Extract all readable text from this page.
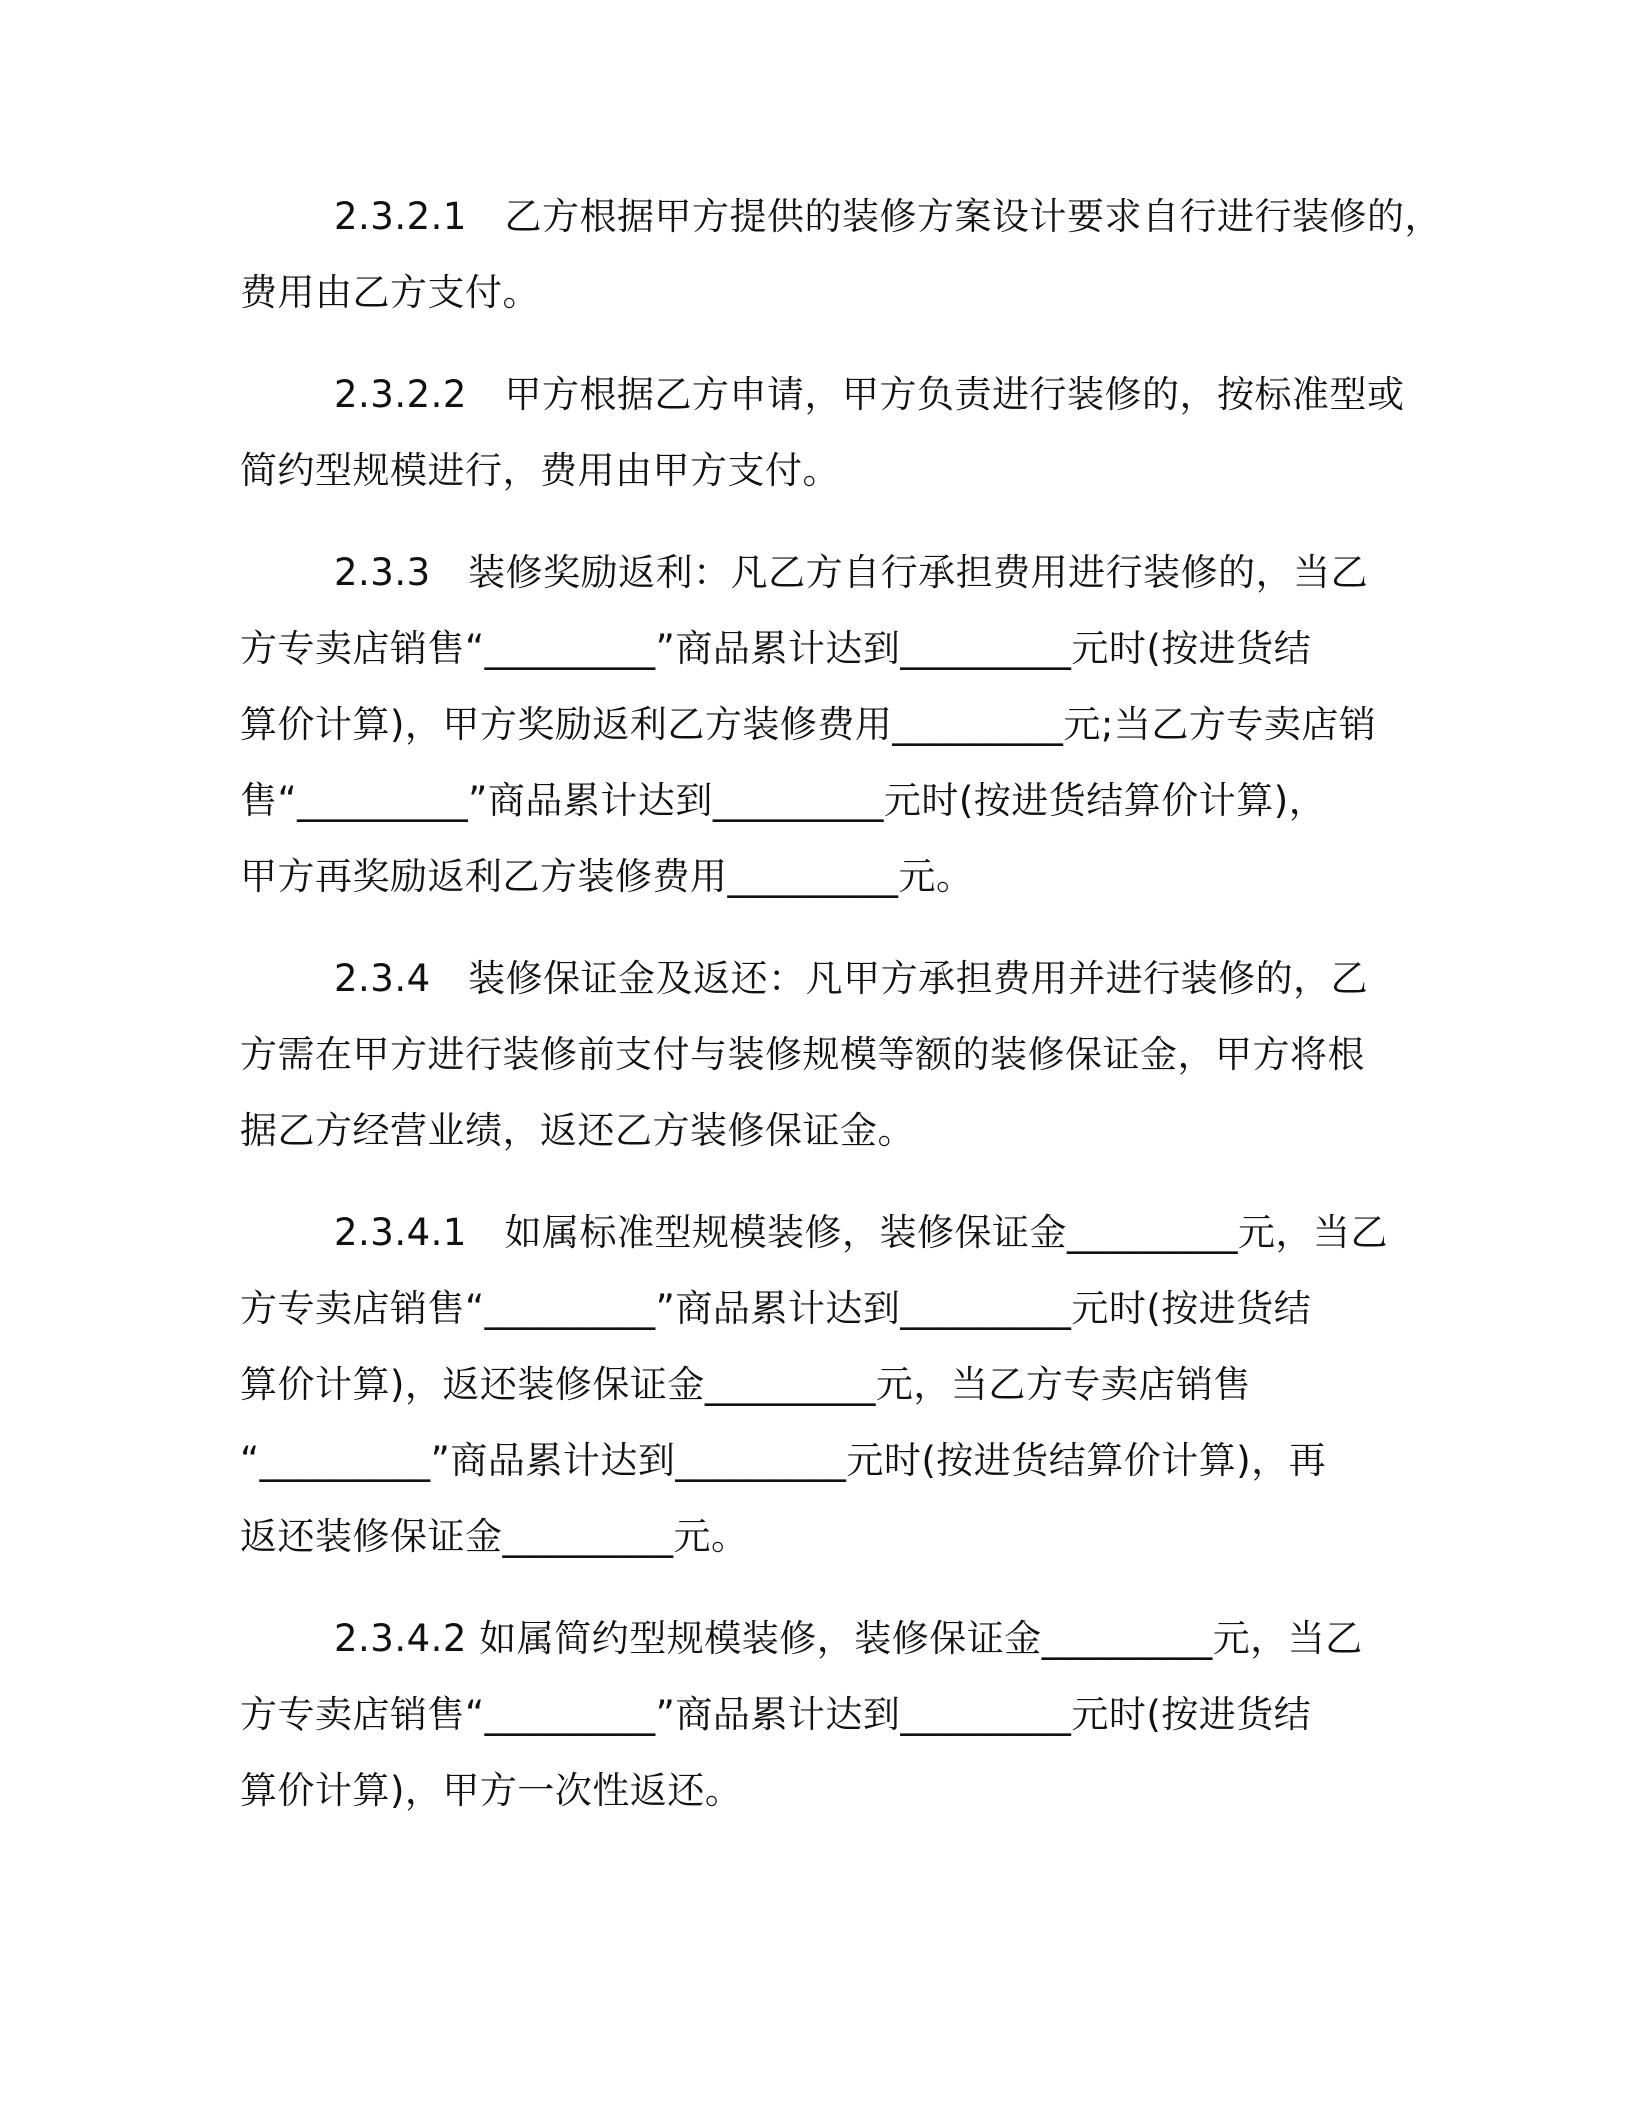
2.3.2.1　乙方根据甲方提供的装修方案设计要求自行进行装修的，
费用由乙方支付。
2.3.2.2　甲方根据乙方申请，甲方负责进行装修的，按标准型或
简约型规模进行，费用由甲方支付。
2.3.3　装修奖励返利：凡乙方自行承担费用进行装修的，当乙
方专卖店销售“_________”商品累计达到_________元时(按进货结
算价计算)，甲方奖励返利乙方装修费用_________元;当乙方专卖店销
售“_________”商品累计达到_________元时(按进货结算价计算)，
甲方再奖励返利乙方装修费用_________元。
2.3.4　装修保证金及返还：凡甲方承担费用并进行装修的，乙
方需在甲方进行装修前支付与装修规模等额的装修保证金，甲方将根
据乙方经营业绩，返还乙方装修保证金。
2.3.4.1　如属标准型规模装修，装修保证金_________元，当乙
方专卖店销售“_________”商品累计达到_________元时(按进货结
算价计算)，返还装修保证金_________元，当乙方专卖店销售
“_________”商品累计达到_________元时(按进货结算价计算)，再
返还装修保证金_________元。
2.3.4.2 如属简约型规模装修，装修保证金_________元，当乙
方专卖店销售“_________”商品累计达到_________元时(按进货结
算价计算)，甲方一次性返还。
